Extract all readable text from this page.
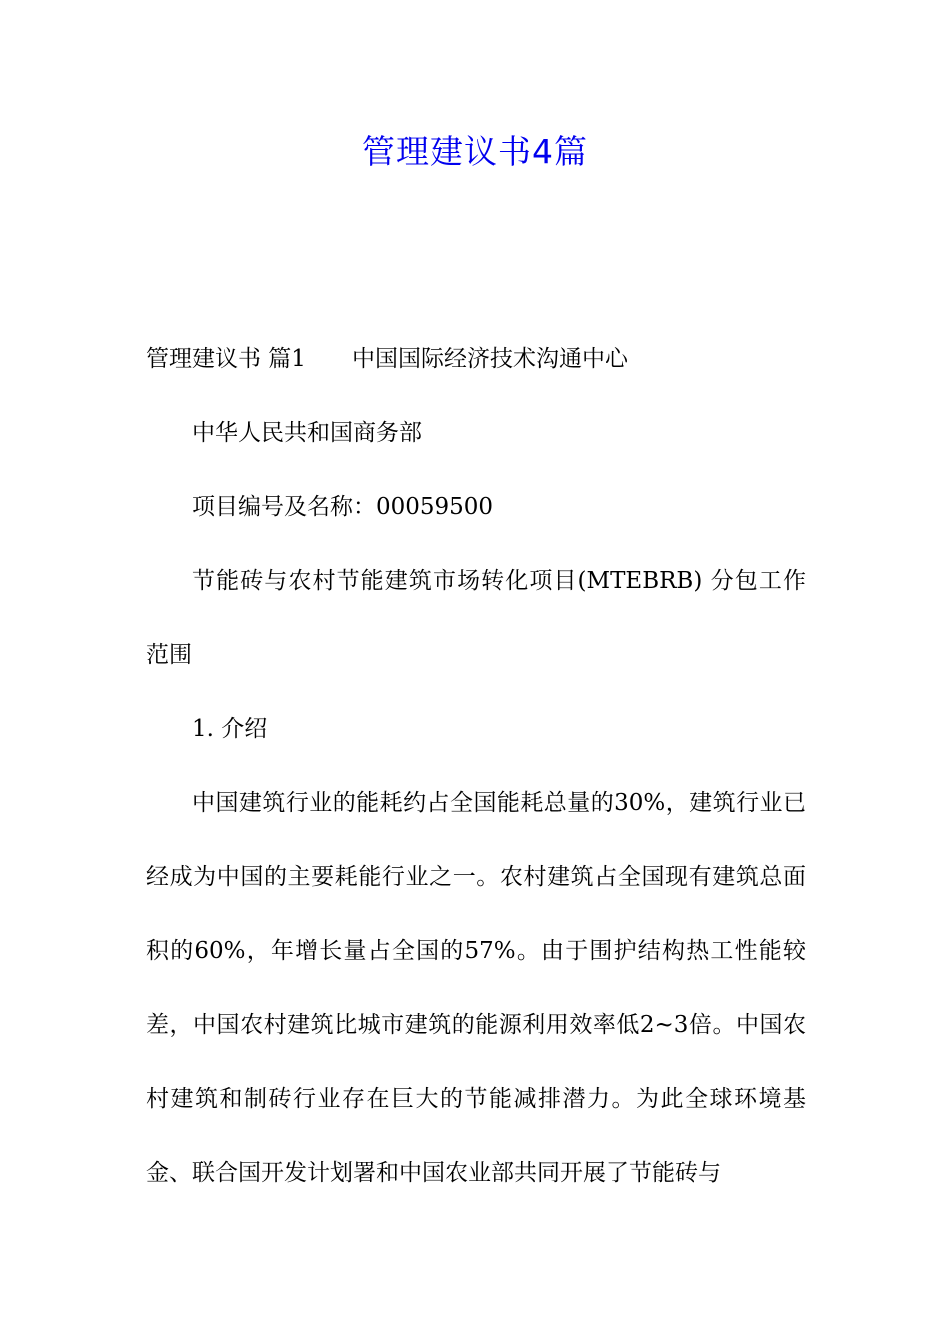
管理建议书4篇

管理建议书 篇1 中国国际经济技术沟通中心

中华人民共和国商务部

项目编号及名称：00059500

节能砖与农村节能建筑市场转化项目(MTEBRB) 分包工作范围

1. 介绍

中国建筑行业的能耗约占全国能耗总量的30%，建筑行业已经成为中国的主要耗能行业之一。农村建筑占全国现有建筑总面积的60%，年增长量占全国的57%。由于围护结构热工性能较差，中国农村建筑比城市建筑的能源利用效率低2~3倍。中国农村建筑和制砖行业存在巨大的节能减排潜力。为此全球环境基金、联合国开发计划署和中国农业部共同开展了节能砖与
